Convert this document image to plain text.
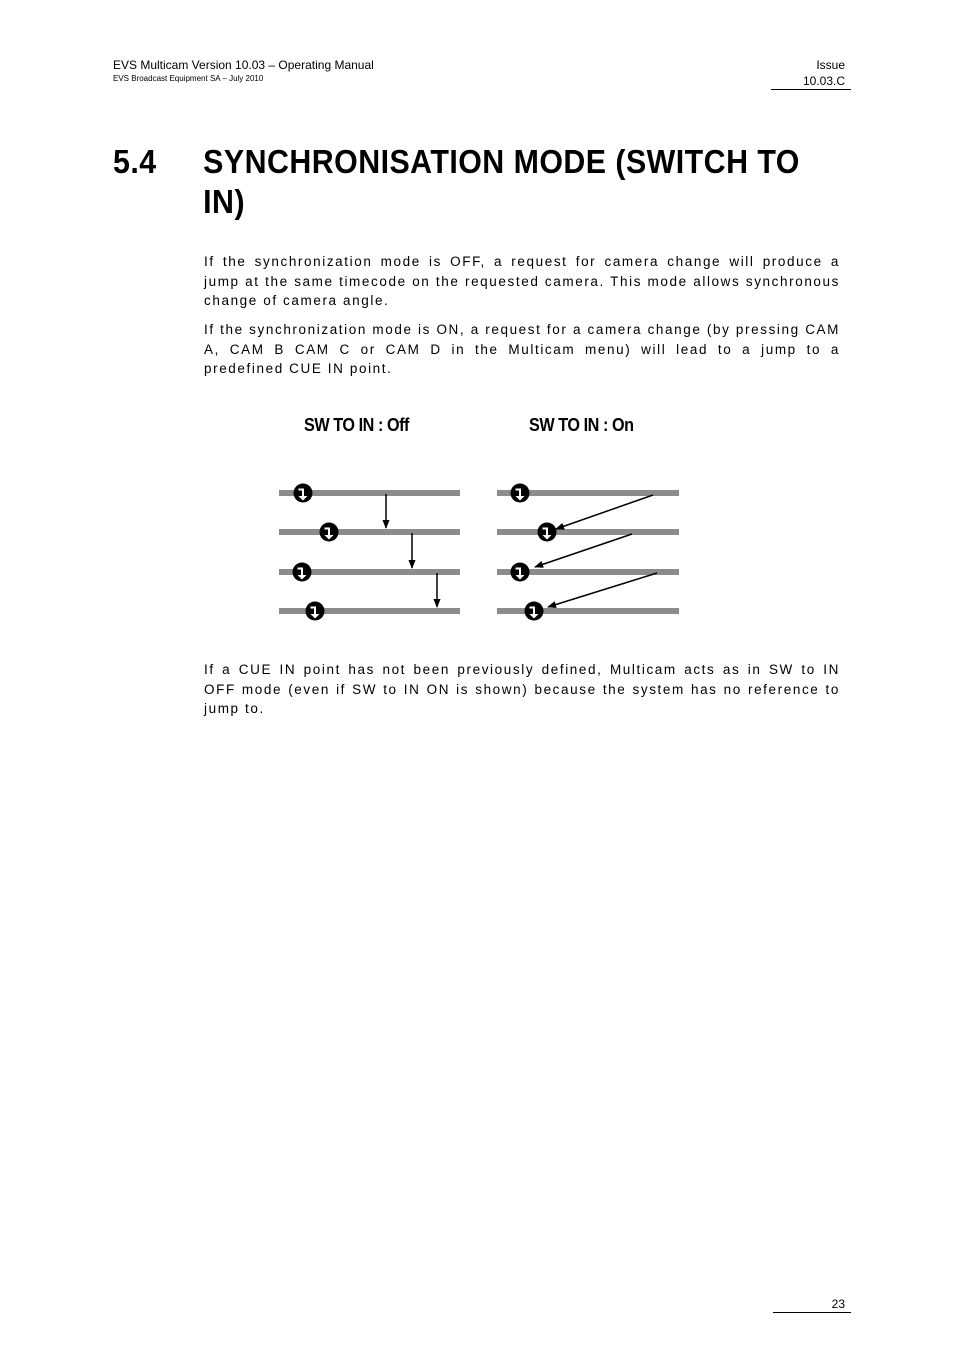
EVS Multicam Version 10.03 – Operating Manual
EVS Broadcast Equipment SA – July 2010
Issue
10.03.C
5.4 SYNCHRONISATION MODE (SWITCH TO IN)

If the synchronization mode is OFF, a request for camera change will produce a jump at the same timecode on the requested camera. This mode allows synchronous change of camera angle.

If the synchronization mode is ON, a request for a camera change (by pressing CAM A, CAM B CAM C or CAM D in the Multicam menu) will lead to a jump to a predefined CUE IN point.

SW TO IN : Off	SW TO IN : On

If a CUE IN point has not been previously defined, Multicam acts as in SW to IN OFF mode (even if SW to IN ON is shown) because the system has no reference to jump to.

23
